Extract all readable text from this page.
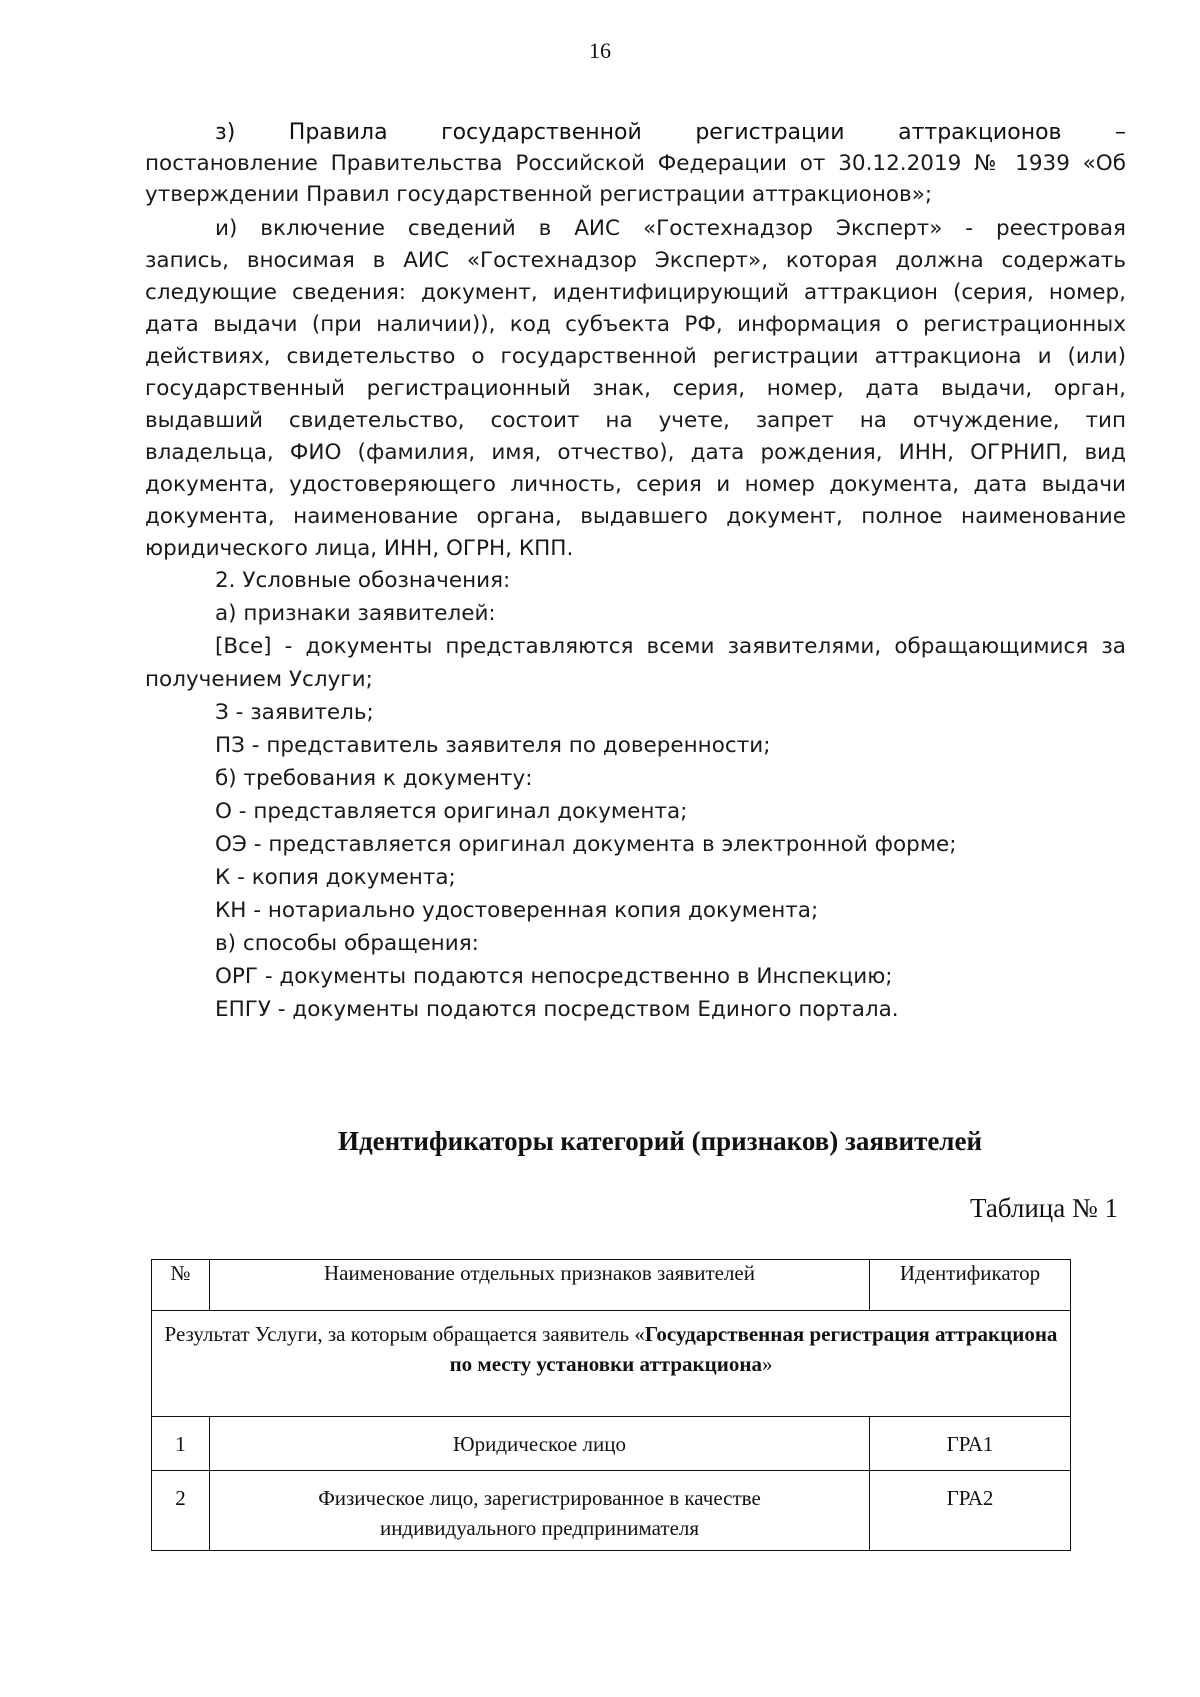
16
з) Правила государственной регистрации аттракционов –
постановление Правительства Российской Федерации от 30.12.2019 № 1939 «Об
утверждении Правил государственной регистрации аттракционов»;
и) включение сведений в АИС «Гостехнадзор Эксперт» - реестровая
запись, вносимая в АИС «Гостехнадзор Эксперт», которая должна содержать
следующие сведения: документ, идентифицирующий аттракцион (серия, номер,
дата выдачи (при наличии)), код субъекта РФ, информация о регистрационных
действиях, свидетельство о государственной регистрации аттракциона и (или)
государственный регистрационный знак, серия, номер, дата выдачи, орган,
выдавший свидетельство, состоит на учете, запрет на отчуждение, тип
владельца, ФИО (фамилия, имя, отчество), дата рождения, ИНН, ОГРНИП, вид
документа, удостоверяющего личность, серия и номер документа, дата выдачи
документа, наименование органа, выдавшего документ, полное наименование
юридического лица, ИНН, ОГРН, КПП.
2. Условные обозначения:
а) признаки заявителей:
[Все] - документы представляются всеми заявителями, обращающимися за
получением Услуги;
З - заявитель;
ПЗ - представитель заявителя по доверенности;
б) требования к документу:
О - представляется оригинал документа;
ОЭ - представляется оригинал документа в электронной форме;
К - копия документа;
КН - нотариально удостоверенная копия документа;
в) способы обращения:
ОРГ - документы подаются непосредственно в Инспекцию;
ЕПГУ - документы подаются посредством Единого портала.
Идентификаторы категорий (признаков) заявителей
Таблица № 1
№	Наименование отдельных признаков заявителей	Идентификатор
Результат Услуги, за которым обращается заявитель «Государственная регистрация аттракциона по месту установки аттракциона»		
1	Юридическое лицо	ГРА1
2	Физическое лицо, зарегистрированное в качестве индивидуального предпринимателя	ГРА2
